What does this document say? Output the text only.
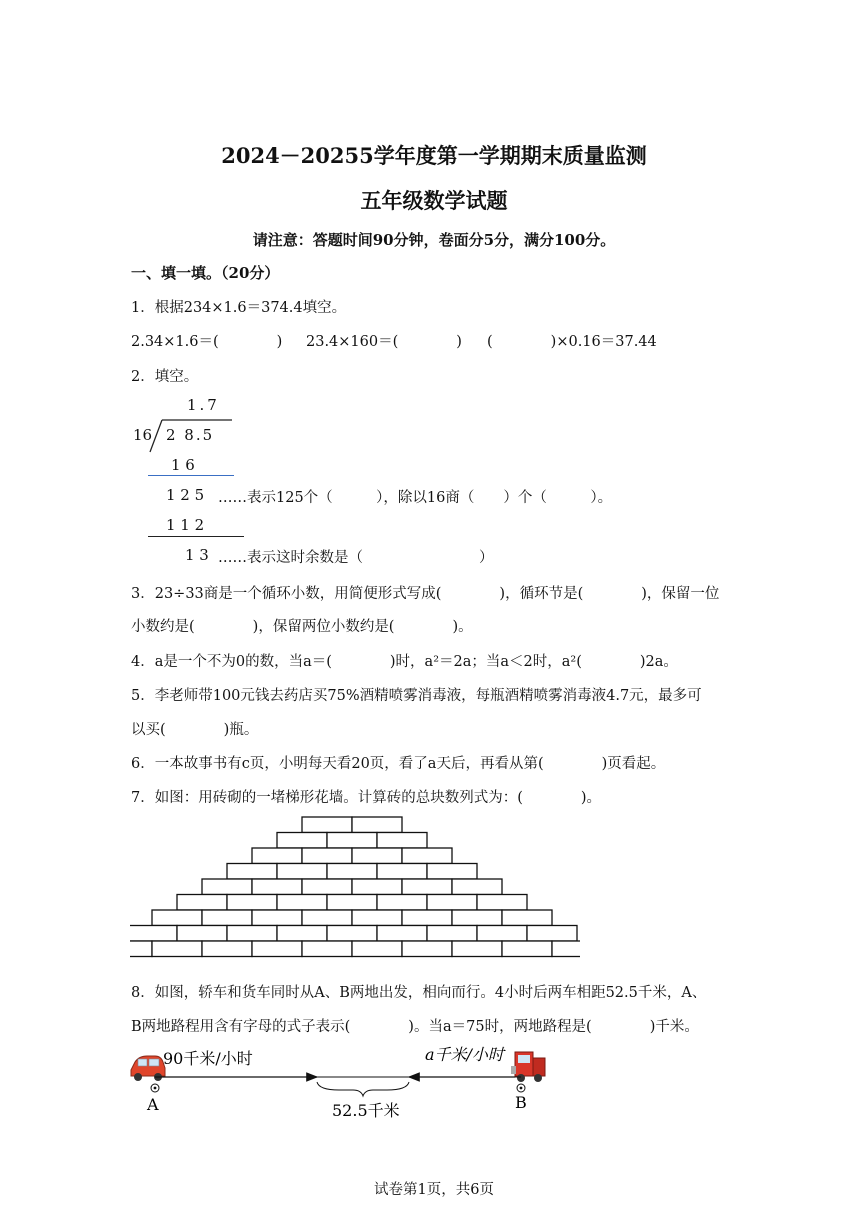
2024－20255学年度第一学期期末质量监测
五年级数学试题
请注意：答题时间90分钟，卷面分5分，满分100分。
一、填一填。（20分）
1．根据234×1.6＝374.4填空。
2.34×1.6＝(　　　　) 23.4×160＝(　　　　) (　　　　)×0.16＝37.44
2．填空。
1.7
16 2 8.5
1 6
1 2 5 ……表示125个（　　　），除以16商（　　）个（　　　）。
1 1 2
1 3 ……表示这时余数是（　　　　　　　　）
3．23÷33商是一个循环小数，用简便形式写成(　　　　)，循环节是(　　　　)，保留一位
小数约是(　　　　)，保留两位小数约是(　　　　)。
4．a是一个不为0的数，当a＝(　　　　)时，a²＝2a；当a＜2时，a²(　　　　)2a。
5．李老师带100元钱去药店买75%酒精喷雾消毒液，每瓶酒精喷雾消毒液4.7元，最多可
以买(　　　　)瓶。
6．一本故事书有c页，小明每天看20页，看了a天后，再看从第(　　　　)页看起。
7．如图：用砖砌的一堵梯形花墙。计算砖的总块数列式为：(　　　　)。
8．如图，轿车和货车同时从A、B两地出发，相向而行。4小时后两车相距52.5千米，A、
B两地路程用含有字母的式子表示(　　　　)。当a＝75时，两地路程是(　　　　)千米。
90千米/小时	a千米/小时
A	B
52.5千米
试卷第1页，共6页
